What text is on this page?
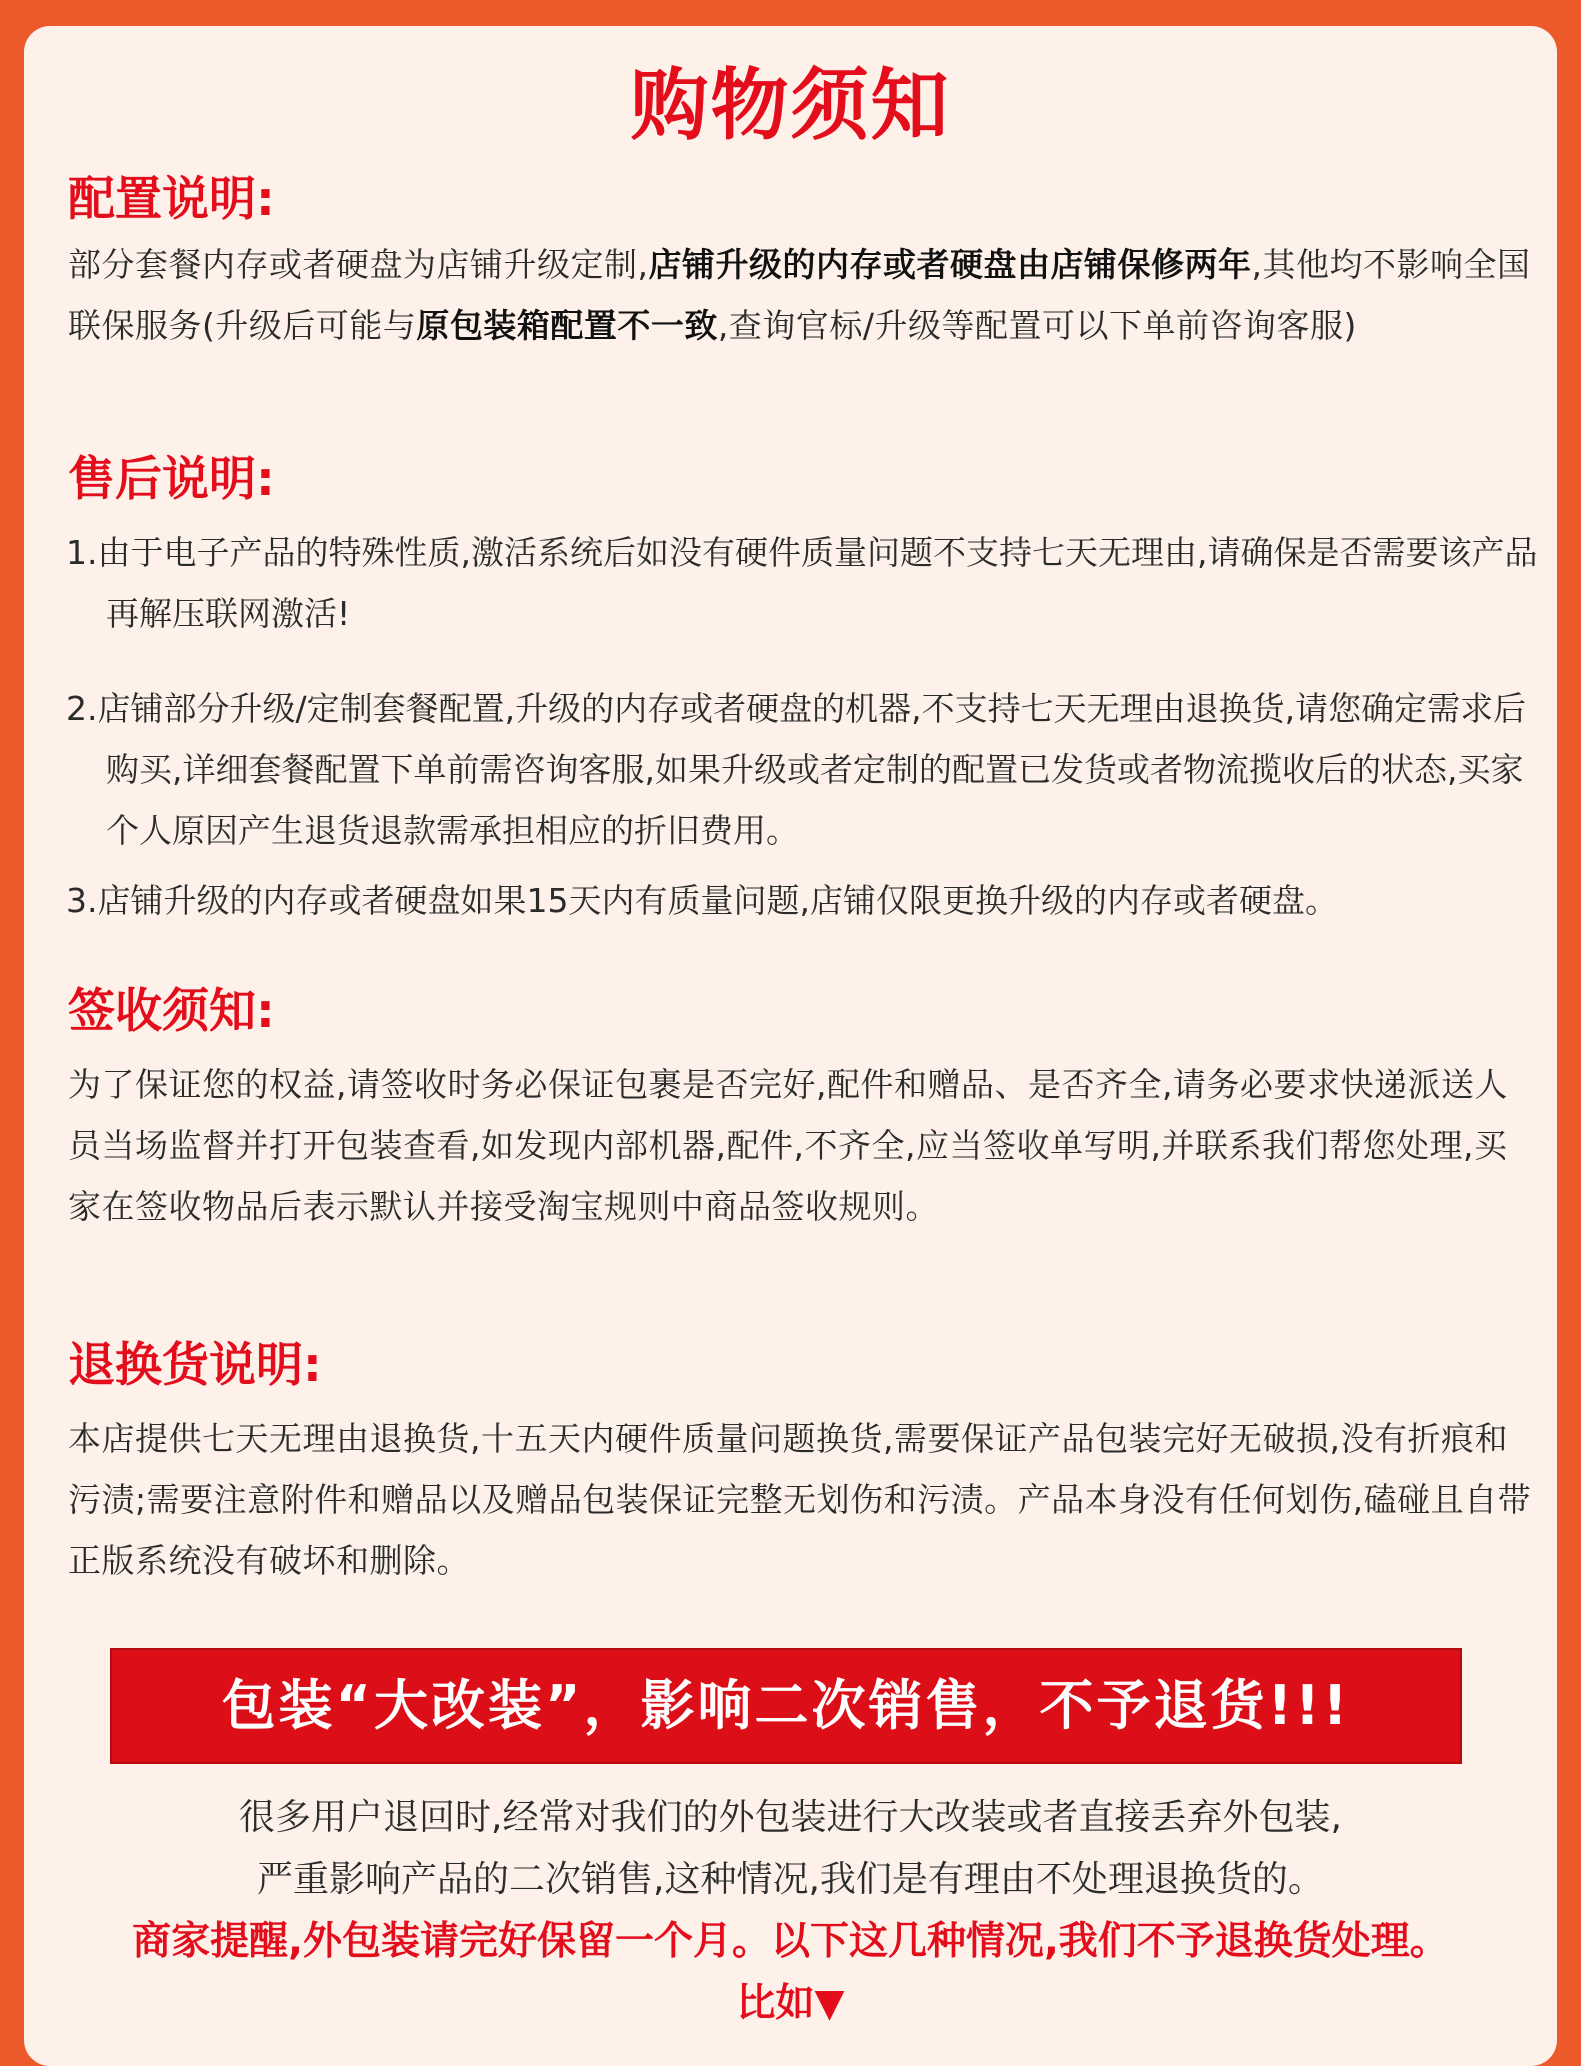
购物须知
配置说明:
部分套餐内存或者硬盘为店铺升级定制,店铺升级的内存或者硬盘由店铺保修两年,其他均不影响全国联保服务(升级后可能与原包装箱配置不一致,查询官标/升级等配置可以下单前咨询客服)
售后说明:
1.由于电子产品的特殊性质,激活系统后如没有硬件质量问题不支持七天无理由,请确保是否需要该产品再解压联网激活!
2.店铺部分升级/定制套餐配置,升级的内存或者硬盘的机器,不支持七天无理由退换货,请您确定需求后购买,详细套餐配置下单前需咨询客服,如果升级或者定制的配置已发货或者物流揽收后的状态,买家个人原因产生退货退款需承担相应的折旧费用。
3.店铺升级的内存或者硬盘如果15天内有质量问题,店铺仅限更换升级的内存或者硬盘。
签收须知:
为了保证您的权益,请签收时务必保证包裹是否完好,配件和赠品、是否齐全,请务必要求快递派送人员当场监督并打开包装查看,如发现内部机器,配件,不齐全,应当签收单写明,并联系我们帮您处理,买家在签收物品后表示默认并接受淘宝规则中商品签收规则。
退换货说明:
本店提供七天无理由退换货,十五天内硬件质量问题换货,需要保证产品包装完好无破损,没有折痕和污渍;需要注意附件和赠品以及赠品包装保证完整无划伤和污渍。产品本身没有任何划伤,磕碰且自带正版系统没有破坏和删除。
包装“大改装”，影响二次销售，不予退货!!!
很多用户退回时,经常对我们的外包装进行大改装或者直接丢弃外包装,
严重影响产品的二次销售,这种情况,我们是有理由不处理退换货的。
商家提醒,外包装请完好保留一个月。以下这几种情况,我们不予退换货处理。
比如▼
